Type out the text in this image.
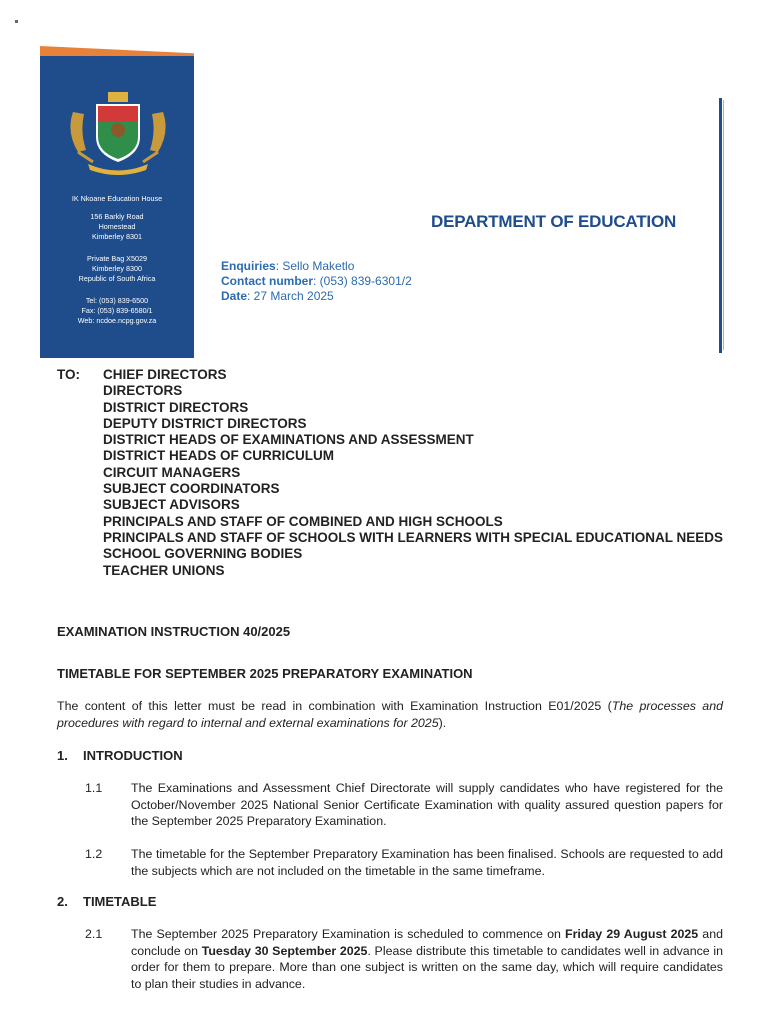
IK Nkoane Education House
156 Barkly Road
Homestead
Kimberley 8301
Private Bag X5029
Kimberley 8300
Republic of South Africa
Tel: (053) 839-6500
Fax: (053) 839-6580/1
Web: ncdoe.ncpg.gov.za
DEPARTMENT OF EDUCATION
Enquiries: Sello Maketlo
Contact number: (053) 839-6301/2
Date: 27 March 2025
TO: CHIEF DIRECTORS
DIRECTORS
DISTRICT DIRECTORS
DEPUTY DISTRICT DIRECTORS
DISTRICT HEADS OF EXAMINATIONS AND ASSESSMENT
DISTRICT HEADS OF CURRICULUM
CIRCUIT MANAGERS
SUBJECT COORDINATORS
SUBJECT ADVISORS
PRINCIPALS AND STAFF OF COMBINED AND HIGH SCHOOLS
PRINCIPALS AND STAFF OF SCHOOLS WITH LEARNERS WITH SPECIAL EDUCATIONAL NEEDS
SCHOOL GOVERNING BODIES
TEACHER UNIONS
EXAMINATION INSTRUCTION 40/2025
TIMETABLE FOR SEPTEMBER 2025 PREPARATORY EXAMINATION
The content of this letter must be read in combination with Examination Instruction E01/2025 (The processes and procedures with regard to internal and external examinations for 2025).
1. INTRODUCTION
1.1 The Examinations and Assessment Chief Directorate will supply candidates who have registered for the October/November 2025 National Senior Certificate Examination with quality assured question papers for the September 2025 Preparatory Examination.
1.2 The timetable for the September Preparatory Examination has been finalised. Schools are requested to add the subjects which are not included on the timetable in the same timeframe.
2. TIMETABLE
2.1 The September 2025 Preparatory Examination is scheduled to commence on Friday 29 August 2025 and conclude on Tuesday 30 September 2025. Please distribute this timetable to candidates well in advance in order for them to prepare. More than one subject is written on the same day, which will require candidates to plan their studies in advance.
